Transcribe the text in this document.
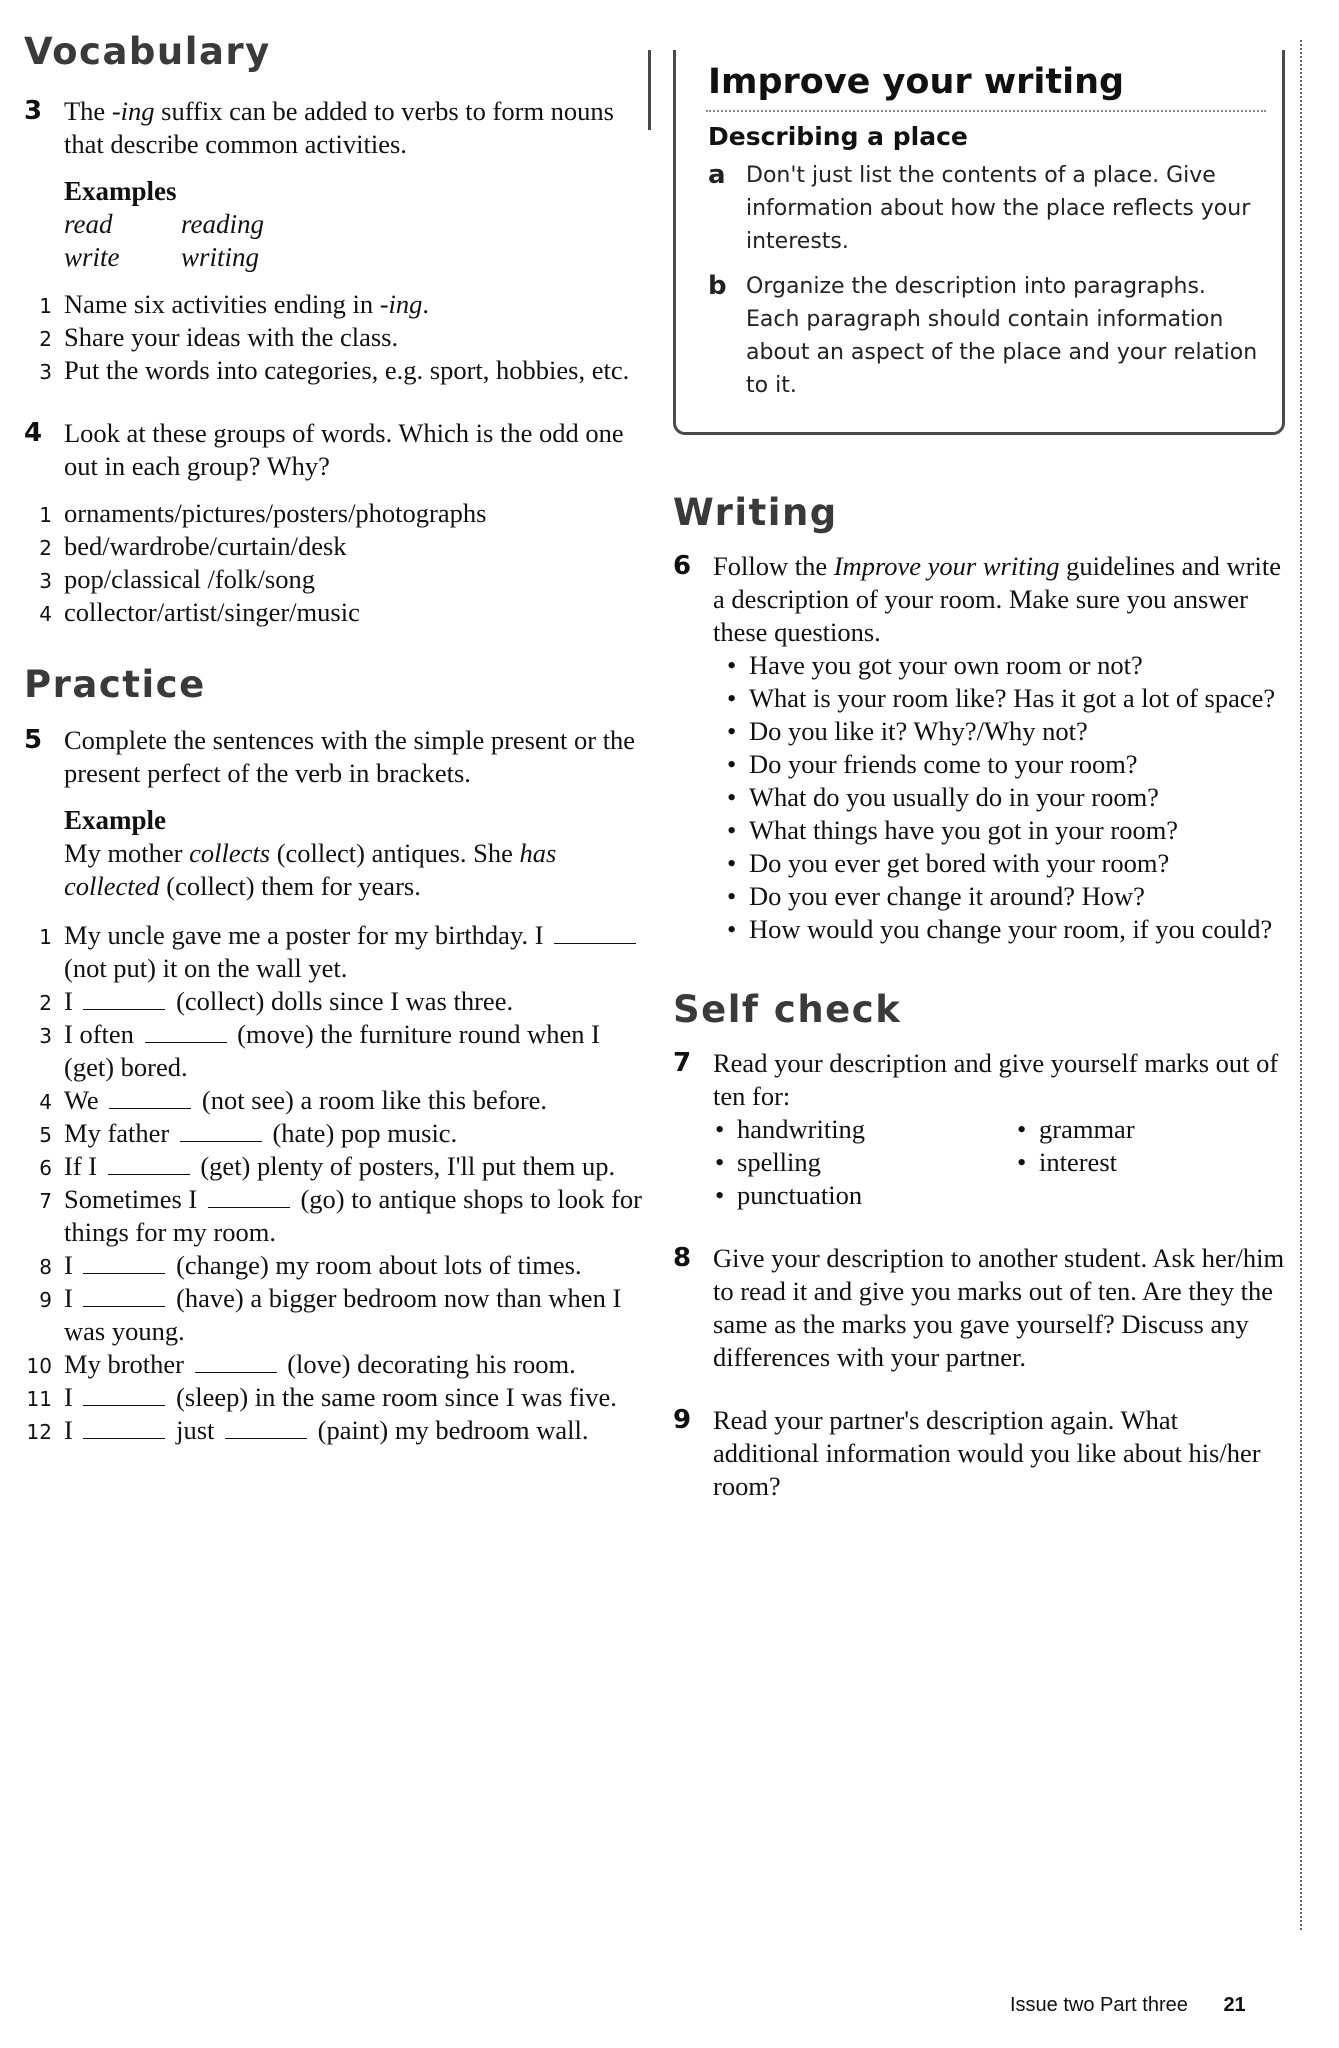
Vocabulary
3 The -ing suffix can be added to verbs to form nouns that describe common activities.
Examples
read	reading
write	writing
1 Name six activities ending in -ing.
2 Share your ideas with the class.
3 Put the words into categories, e.g. sport, hobbies, etc.
4 Look at these groups of words. Which is the odd one out in each group? Why?
1 ornaments/pictures/posters/photographs
2 bed/wardrobe/curtain/desk
3 pop/classical /folk/song
4 collector/artist/singer/music
Practice
5 Complete the sentences with the simple present or the present perfect of the verb in brackets.
Example
My mother collects (collect) antiques. She has collected (collect) them for years.
1 My uncle gave me a poster for my birthday. I  (not put) it on the wall yet.
2 I	(collect) dolls since I was three.
3 I often	(move) the furniture round when I (get) bored.
4 We	(not see) a room like this before.
5 My father	(hate) pop music.
6 If I	(get) plenty of posters, I'll put them up.
7 Sometimes I	(go) to antique shops to look for things for my room.
8 I	(change) my room about lots of times.
9 I	(have) a bigger bedroom now than when I was young.
10 My brother	(love) decorating his room.
11 I	(sleep) in the same room since I was five.
12 I	just	(paint) my bedroom wall.
Improve your writing
Describing a place
a Don't just list the contents of a place. Give information about how the place reflects your interests.
b Organize the description into paragraphs. Each paragraph should contain information about an aspect of the place and your relation to it.
Writing
6 Follow the Improve your writing guidelines and write a description of your room. Make sure you answer these questions.
• Have you got your own room or not?
• What is your room like? Has it got a lot of space?
• Do you like it? Why?/Why not?
• Do your friends come to your room?
• What do you usually do in your room?
• What things have you got in your room?
• Do you ever get bored with your room?
• Do you ever change it around? How?
• How would you change your room, if you could?
Self check
7 Read your description and give yourself marks out of ten for:
• handwriting
• spelling
• punctuation
• grammar
• interest
8 Give your description to another student. Ask her/him to read it and give you marks out of ten. Are they the same as the marks you gave yourself? Discuss any differences with your partner.
9 Read your partner's description again. What additional information would you like about his/her room?
Issue two Part three 21
